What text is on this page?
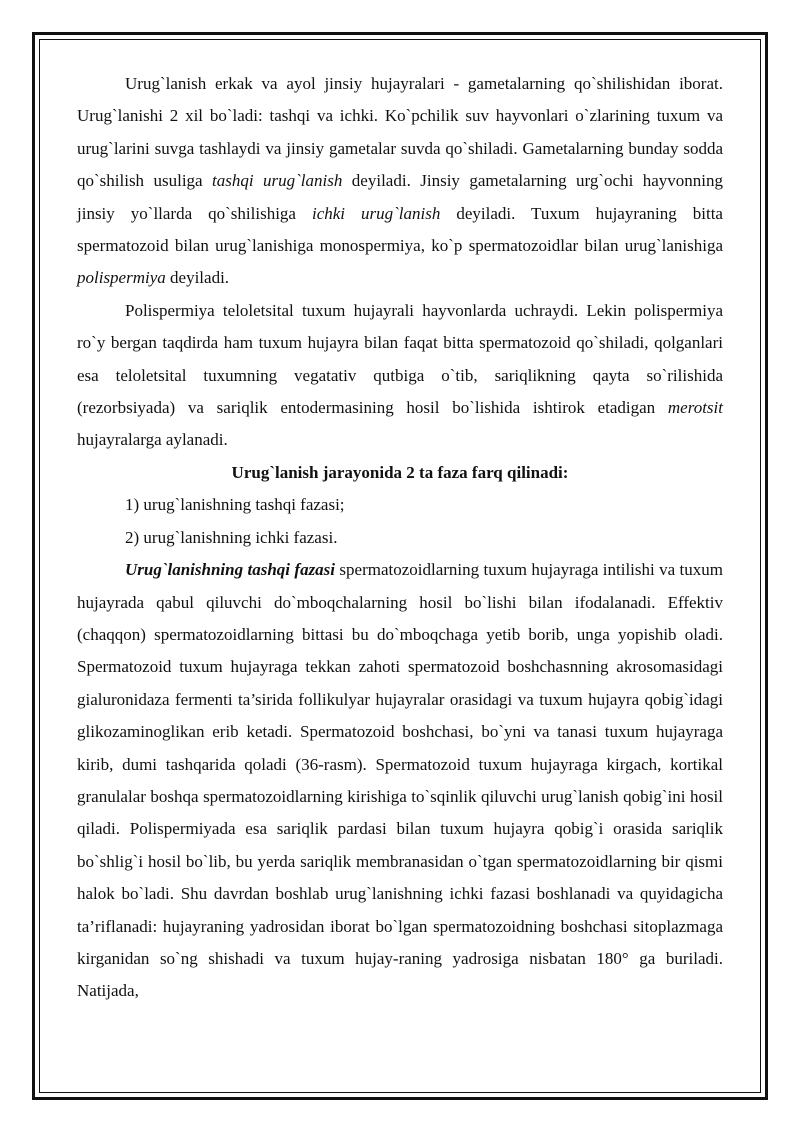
Urug`lanish erkak va ayol jinsiy hujayralari - gametalarning qo`shilishidan iborat. Urug`lanishi 2 xil bo`ladi: tashqi va ichki. Ko`pchilik suv hayvonlari o`zlarining tuxum va urug`larini suvga tashlaydi va jinsiy gametalar suvda qo`shiladi. Gametalarning bunday sodda qo`shilish usuliga tashqi urug`lanish deyiladi. Jinsiy gametalarning urg`ochi hayvonning jinsiy yo`llarda qo`shilishiga ichki urug`lanish deyiladi. Tuxum hujayraning bitta spermatozoid bilan urug`lanishiga monospermiya, ko`p spermatozoidlar bilan urug`lanishiga polispermiya deyiladi.

Polispermiya teloletsital tuxum hujayrali hayvonlarda uchraydi. Lekin polispermiya ro`y bergan taqdirda ham tuxum hujayra bilan faqat bitta spermatozoid qo`shiladi, qolganlari esa teloletsital tuxumning vegatativ qutbiga o`tib, sariqlikning qayta so`rilishida (rezorbsiyada) va sariqlik entodermasining hosil bo`lishida ishtirok etadigan merotsit hujayralarga aylanadi.

Urug`lanish jarayonida 2 ta faza farq qilinadi:

1) urug`lanishning tashqi fazasi;

2) urug`lanishning ichki fazasi.

Urug`lanishning tashqi fazasi spermatozoidlarning tuxum hujayraga intilishi va tuxum hujayrada qabul qiluvchi do`mboqchalarning hosil bo`lishi bilan ifodalanadi. Effektiv (chaqqon) spermatozoidlarning bittasi bu do`mboqchaga yetib borib, unga yopishib oladi. Spermatozoid tuxum hujayraga tekkan zahoti spermatozoid boshchasnning akrosomasidagi gialuronidaza fermenti ta’sirida follikulyar hujayralar orasidagi va tuxum hujayra qobig`idagi glikozaminoglikan erib ketadi. Spermatozoid boshchasi, bo`yni va tanasi tuxum hujayraga kirib, dumi tashqarida qoladi (36-rasm). Spermatozoid tuxum hujayraga kirgach, kortikal granulalar boshqa spermatozoidlarning kirishiga to`sqinlik qiluvchi urug`lanish qobig`ini hosil qiladi. Polispermiyada esa sariqlik pardasi bilan tuxum hujayra qobig`i orasida sariqlik bo`shlig`i hosil bo`lib, bu yerda sariqlik membranasidan o`tgan spermatozoidlarning bir qismi halok bo`ladi. Shu davrdan boshlab urug`lanishning ichki fazasi boshlanadi va quyidagicha ta’riflanadi: hujayraning yadrosidan iborat bo`lgan spermatozoidning boshchasi sitoplazmaga kirganidan so`ng shishadi va tuxum hujay-raning yadrosiga nisbatan 180° ga buriladi. Natijada,
